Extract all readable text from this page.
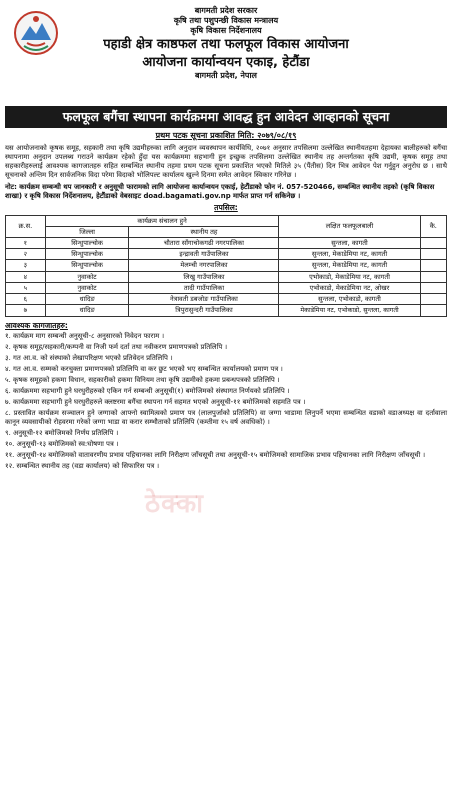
बागमती प्रदेश सरकार
कृषि तथा पशुपन्छी विकास मन्त्रालय
कृषि विकास निर्देशनालय
पहाडी क्षेत्र काष्ठफल तथा फलफूल विकास आयोजना
आयोजना कार्यान्वयन एकाइ, हेटौंडा
बागमती प्रदेश, नेपाल
फलफूल बगैंचा स्थापना कार्यक्रममा आवद्ध हुन आवेदन आव्हानको सूचना
प्रथम पटक सूचना प्रकाशित मिति: २०७९/०८/१९

यस आयोजनाको कृषक समूह, सहकारी तथा कृषि उद्यमीहरुका लागि अनुदान व्यवस्थापन कार्यविधि, २०७१ अनुसार तपसिलमा उल्लेखित स्थानीयतहमा देहायका बालीहरुको बगैंचा स्थापनामा अनुदान उपलब्ध गराउने कार्यक्रम रहेको हुँदा यस कार्यक्रममा सहभागी हुन इच्छुक तपसिलमा उल्लेखित स्थानीय तह अन्तर्गतका कृषि उद्यमी, कृषक समूह तथा सहकारीहरुलाई आवश्यक कागजातहरु सहित सम्बन्धित स्थानीय तहमा प्रथम पटक सूचना प्रकाशित भएको मितिले ३५ (पैंतीस) दिन भित्र आवेदन पेश गर्नुहुन अनुरोध छ । साथै सूचनाको अन्तिम दिन सार्वजनिक विदा परेमा विदाको भोलिपल्ट कार्यालय खुल्ने दिनमा समेत आवेदन स्विकार गरिनेछ ।

नोट: कार्यक्रम सम्बन्धी थप जानकारी र अनुसूची फारामको लागि आयोजना कार्यान्वयन एकाई, हेटौंडाको फोन नं. 057-520466, सम्बन्धित स्थानीय तहको (कृषि विकास शाखा) र कृषि विकास निर्देशनालय, हेटौंडाको वेबसाइट doad.bagamati.gov.np मार्फत प्राप्त गर्न सकिनेछ ।

तपसिल:
क्र.स.	कार्यक्रम संचालन हुने		लक्षित फलफूलबाली	कै.
	जिल्ला	स्थानीय तह		
१	सिन्धुपाल्चोक	चौतारा साँगाचोकगढी नगरपालिका	सुन्तला, कागती	
२	सिन्धुपाल्चोक	इन्द्रावती गाउँपालिका	सुन्तला, मेकाडेमिया नट, कागती	
३	सिन्धुपाल्चोक	मेलम्ची नगरपालिका	सुन्तला, मेकाडेमिया नट, कागती	
४	नुवाकोट	लिखु गाउँपालिका	एभोकाडो, मेकाडेमिया नट, कागती	
५	नुवाकोट	तादी गाउँपालिका	एभोकाडो, मेकाडेमिया नट, ओखर	
६	धादिङ	नेत्रावती डबजोङ गाउँपालिका	सुन्तला, एभोकाडो, कागती	
७	धादिङ	त्रिपुरासुन्दरी गाउँपालिका	मेकाडेमिया नट, एभोकाडो, सुन्तला, कागती	
आवश्यक कागजातहरु:

१. कार्यक्रम माग सम्बन्धी अनुसूची-८ अनुसारको निवेदन फाराम ।

२. कृषक समूह/सहकारी/कम्पनी वा निजी फर्म दर्ता तथा नवीकरण प्रमाणपत्रको प्रतिलिपि ।

३. गत आ.व. को संस्थाको लेखापरिक्षण भएको प्रतिवेदन प्रतिलिपि ।

४. गत आ.व. सम्मको करचुक्ता प्रमाणपत्रको प्रतिलिपि वा कर छुट भएको भए सम्बन्धित कार्यालयको प्रमाण पत्र ।

५. कृषक समूहको हकमा विधान, सहकारीको हकमा विनियम तथा कृषि उद्यमीको हकमा प्रबन्धपत्रको प्रतिलिपि ।

६. कार्यक्रममा सहभागी हुने घरधुरीहरुको एकिन गर्न सम्बन्धी अनुसूची(१) बमोजिमको संस्थागत निर्णयको प्रतिलिपि ।

७. कार्यक्रममा सहभागी हुने घरधुरीहरुले क्लष्टरमा बगैंचा स्थापना गर्न सहमत भएको अनुसूची-११ बमोजिमको सहमति पत्र ।

८. प्रस्तावित कार्यक्रम सञ्चालन हुने जग्गाको आफ्नो स्वामित्वको प्रमाण पत्र (लालपुर्जाको प्रतिलिपि) वा जग्गा भाडामा लिनुपर्ने भएमा सम्बन्धित वडाको वडाअध्यक्ष वा दर्तावाला कानून व्यवसायीको रोहवरमा गरेको जग्गा भाडा वा करार सम्भौताको प्रतिलिपि (कम्तीमा १५ वर्ष अवधिको) ।

९. अनुसूची-१२ बमोजिमको निर्णय प्रतिलिपि ।

१०. अनुसूची-१३ बमोजिमको स्व:घोषणा पत्र ।

११. अनुसूची-१४ बमोजिमको वातावरणीय प्रभाव पहिचानका लागि निरीक्षण जाँचसूची तथा अनुसूची-१५ बमोजिमको सामाजिक प्रभाव पहिचानका लागि निरीक्षण जाँचसूची ।

१२. सम्बन्धित स्थानीय तह (वडा कार्यालय) को सिफारिस पत्र ।

ठेक्का
